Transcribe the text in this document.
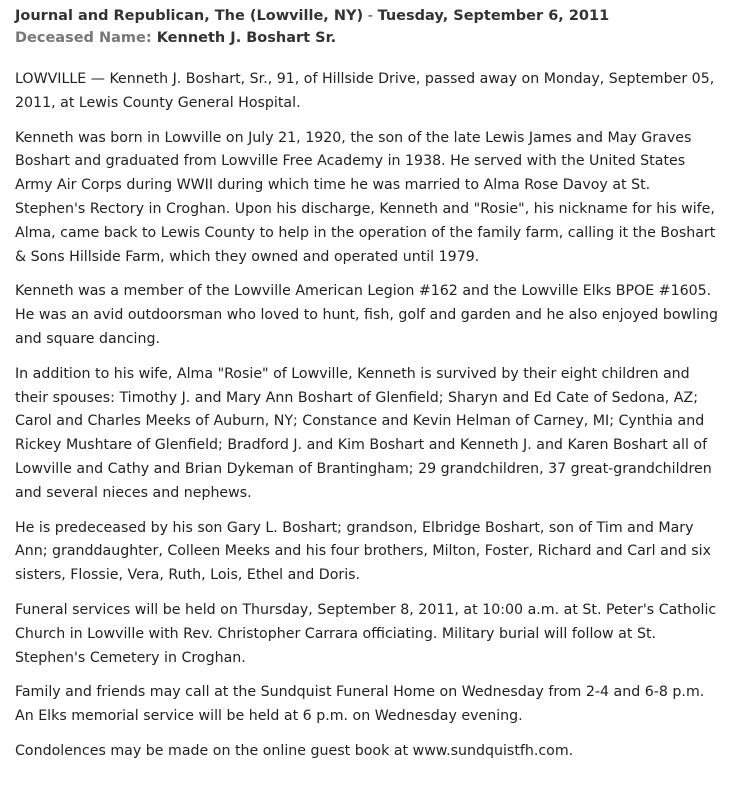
Journal and Republican, The (Lowville, NY) - Tuesday, September 6, 2011
Deceased Name: Kenneth J. Boshart Sr.

LOWVILLE — Kenneth J. Boshart, Sr., 91, of Hillside Drive, passed away on Monday, September 05, 2011, at Lewis County General Hospital.

Kenneth was born in Lowville on July 21, 1920, the son of the late Lewis James and May Graves Boshart and graduated from Lowville Free Academy in 1938. He served with the United States Army Air Corps during WWII during which time he was married to Alma Rose Davoy at St. Stephen's Rectory in Croghan. Upon his discharge, Kenneth and "Rosie", his nickname for his wife, Alma, came back to Lewis County to help in the operation of the family farm, calling it the Boshart & Sons Hillside Farm, which they owned and operated until 1979.

Kenneth was a member of the Lowville American Legion #162 and the Lowville Elks BPOE #1605. He was an avid outdoorsman who loved to hunt, fish, golf and garden and he also enjoyed bowling and square dancing.

In addition to his wife, Alma "Rosie" of Lowville, Kenneth is survived by their eight children and their spouses: Timothy J. and Mary Ann Boshart of Glenfield; Sharyn and Ed Cate of Sedona, AZ; Carol and Charles Meeks of Auburn, NY; Constance and Kevin Helman of Carney, MI; Cynthia and Rickey Mushtare of Glenfield; Bradford J. and Kim Boshart and Kenneth J. and Karen Boshart all of Lowville and Cathy and Brian Dykeman of Brantingham; 29 grandchildren, 37 great-grandchildren and several nieces and nephews.

He is predeceased by his son Gary L. Boshart; grandson, Elbridge Boshart, son of Tim and Mary Ann; granddaughter, Colleen Meeks and his four brothers, Milton, Foster, Richard and Carl and six sisters, Flossie, Vera, Ruth, Lois, Ethel and Doris.

Funeral services will be held on Thursday, September 8, 2011, at 10:00 a.m. at St. Peter's Catholic Church in Lowville with Rev. Christopher Carrara officiating. Military burial will follow at St. Stephen's Cemetery in Croghan.

Family and friends may call at the Sundquist Funeral Home on Wednesday from 2-4 and 6-8 p.m. An Elks memorial service will be held at 6 p.m. on Wednesday evening.

Condolences may be made on the online guest book at www.sundquistfh.com.
